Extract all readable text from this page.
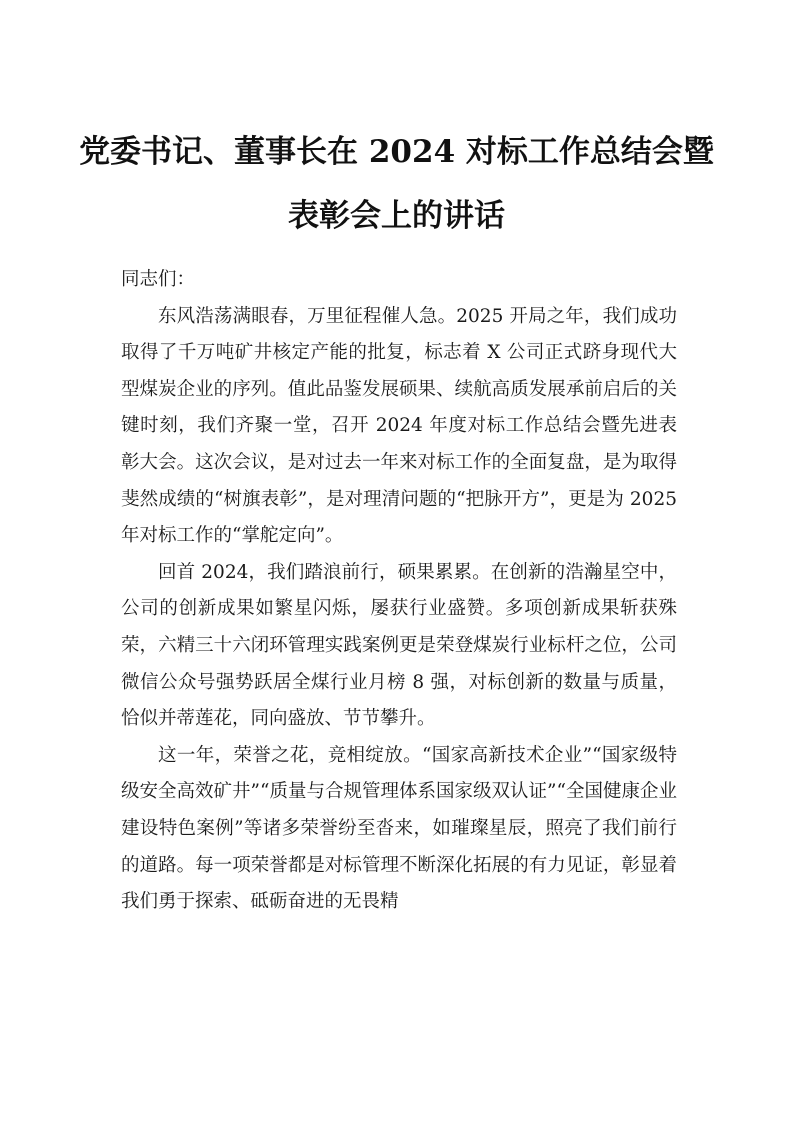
党委书记、董事长在 2024 对标工作总结会暨
表彰会上的讲话

同志们：

东风浩荡满眼春，万里征程催人急。2025 开局之年，我们成功取得了千万吨矿井核定产能的批复，标志着 X 公司正式跻身现代大型煤炭企业的序列。值此品鉴发展硕果、续航高质发展承前启后的关键时刻，我们齐聚一堂，召开 2024 年度对标工作总结会暨先进表彰大会。这次会议，是对过去一年来对标工作的全面复盘，是为取得斐然成绩的“树旗表彰”，是对理清问题的“把脉开方”，更是为 2025 年对标工作的“掌舵定向”。

回首 2024，我们踏浪前行，硕果累累。在创新的浩瀚星空中，公司的创新成果如繁星闪烁，屡获行业盛赞。多项创新成果斩获殊荣，六精三十六闭环管理实践案例更是荣登煤炭行业标杆之位，公司微信公众号强势跃居全煤行业月榜 8 强，对标创新的数量与质量，恰似并蒂莲花，同向盛放、节节攀升。

这一年，荣誉之花，竞相绽放。“国家高新技术企业”“国家级特级安全高效矿井”“质量与合规管理体系国家级双认证”“全国健康企业建设特色案例”等诸多荣誉纷至沓来，如璀璨星辰，照亮了我们前行的道路。每一项荣誉都是对标管理不断深化拓展的有力见证，彰显着我们勇于探索、砥砺奋进的无畏精
